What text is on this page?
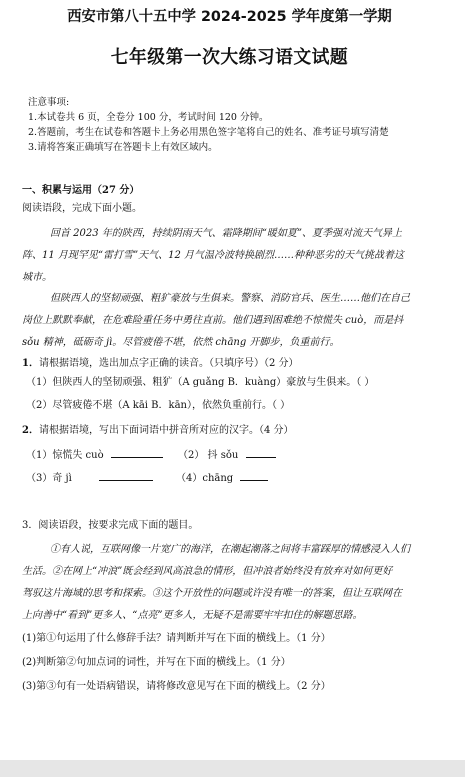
西安市第八十五中学 2024-2025 学年度第一学期
七年级第一次大练习语文试题
注意事项:
1.本试卷共 6 页，全卷分 100 分，考试时间 120 分钟。
2.答题前，考生在试卷和答题卡上务必用黑色签字笔将自己的姓名、准考证号填写清楚
3.请将答案正确填写在答题卡上有效区域内。
一、积累与运用（27 分）
阅读语段，完成下面小题。
回首 2023 年的陕西，持续阴雨天气、霜降期间“暖如夏”、夏季强对流天气异上
阵、11 月现罕见“雷打雪”天气、12 月气温冷波特换剧烈……种种恶劣的天气挑战着这
城市。
但陕西人的坚韧顽强、粗犷豪放与生俱来。警察、消防官兵、医生……他们在自己
岗位上默默奉献，在危难险重任务中勇往直前。他们遇到困难绝不惊慌失 cuò，而是抖
sǒu 精神，砥砺奇 jì。尽管疲倦不堪，依然 chāng 开脚步，负重前行。
1．请根据语境，选出加点字正确的读音。（只填序号）（2 分）
（1）但陕西人的坚韧顽强、粗犷（A guǎng B．kuàng）豪放与生俱来。（ ）
（2）尽管疲倦不堪（A kāi B．kān），依然负重前行。（ ）
2．请根据语境，写出下面词语中拼音所对应的汉字。（4 分）
（1）惊慌失 cuò	（2） 抖 sǒu
（3）奇 jì	（4）chāng
3．阅读语段，按要求完成下面的题目。
①有人说，互联网像一片宽广的海洋，在潮起潮落之间将丰富踩厚的情感浸入人们
生活。②在网上“冲浪”既会经到风高浪急的情形，但冲浪者始终没有放弃对如何更好
驾驭这片海域的思考和探索。③这个开放性的问题或许没有唯一的答案，但让互联网在
上向善中“看到”更多人、“点亮”更多人，无疑不是需要牢牢扣住的解题思路。
(1)第①句运用了什么修辞手法？请判断并写在下面的横线上。（1 分）
(2)判断第②句加点词的词性，并写在下面的横线上。（1 分）
(3)第③句有一处语病错误，请将修改意见写在下面的横线上。（2 分）
